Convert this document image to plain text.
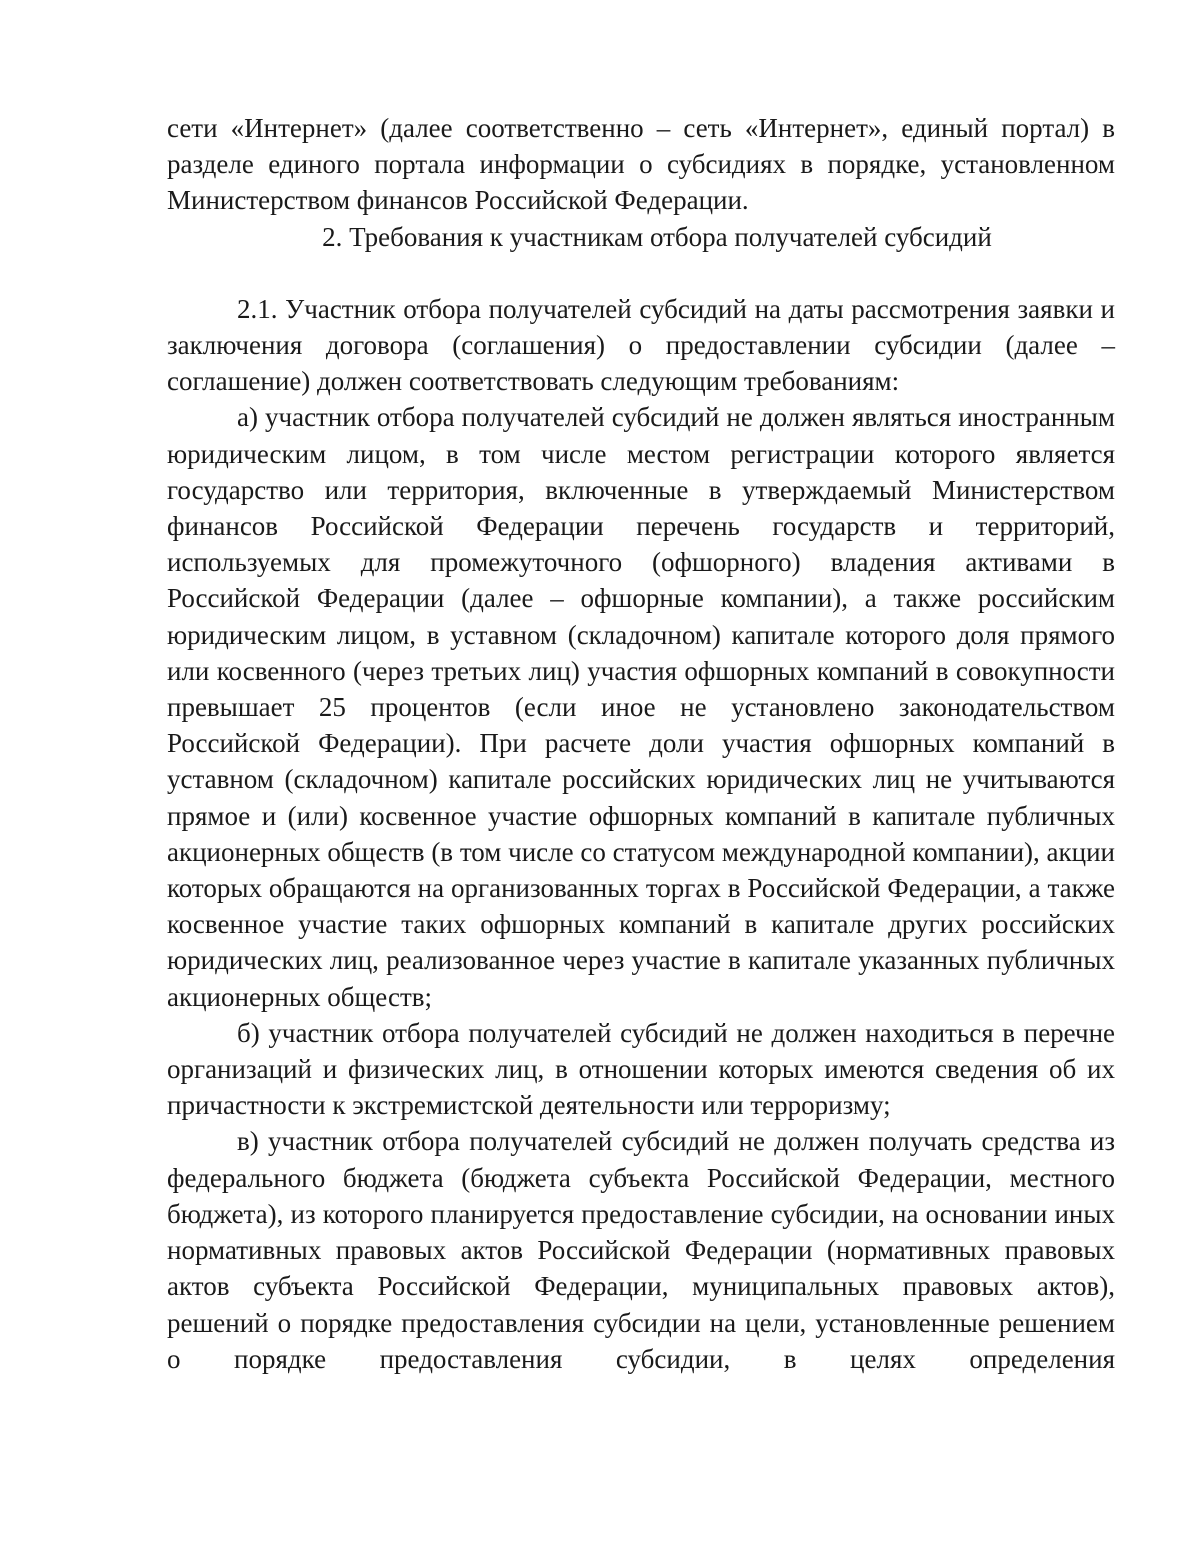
сети «Интернет» (далее соответственно – сеть «Интернет», единый портал) в разделе единого портала информации о субсидиях в порядке, установленном Министерством финансов Российской Федерации.

2. Требования к участникам отбора получателей субсидий

2.1. Участник отбора получателей субсидий на даты рассмотрения заявки и заключения договора (соглашения) о предоставлении субсидии (далее – соглашение) должен соответствовать следующим требованиям:

а) участник отбора получателей субсидий не должен являться иностранным юридическим лицом, в том числе местом регистрации которого является государство или территория, включенные в утверждаемый Министерством финансов Российской Федерации перечень государств и территорий, используемых для промежуточного (офшорного) владения активами в Российской Федерации (далее – офшорные компании), а также российским юридическим лицом, в уставном (складочном) капитале которого доля прямого или косвенного (через третьих лиц) участия офшорных компаний в совокупности превышает 25 процентов (если иное не установлено законодательством Российской Федерации). При расчете доли участия офшорных компаний в уставном (складочном) капитале российских юридических лиц не учитываются прямое и (или) косвенное участие офшорных компаний в капитале публичных акционерных обществ (в том числе со статусом международной компании), акции которых обращаются на организованных торгах в Российской Федерации, а также косвенное участие таких офшорных компаний в капитале других российских юридических лиц, реализованное через участие в капитале указанных публичных акционерных обществ;

б) участник отбора получателей субсидий не должен находиться в перечне организаций и физических лиц, в отношении которых имеются сведения об их причастности к экстремистской деятельности или терроризму;

в) участник отбора получателей субсидий не должен получать средства из федерального бюджета (бюджета субъекта Российской Федерации, местного бюджета), из которого планируется предоставление субсидии, на основании иных нормативных правовых актов Российской Федерации (нормативных правовых актов субъекта Российской Федерации, муниципальных правовых актов), решений о порядке предоставления субсидии на цели, установленные решением о порядке предоставления субсидии, в целях определения
